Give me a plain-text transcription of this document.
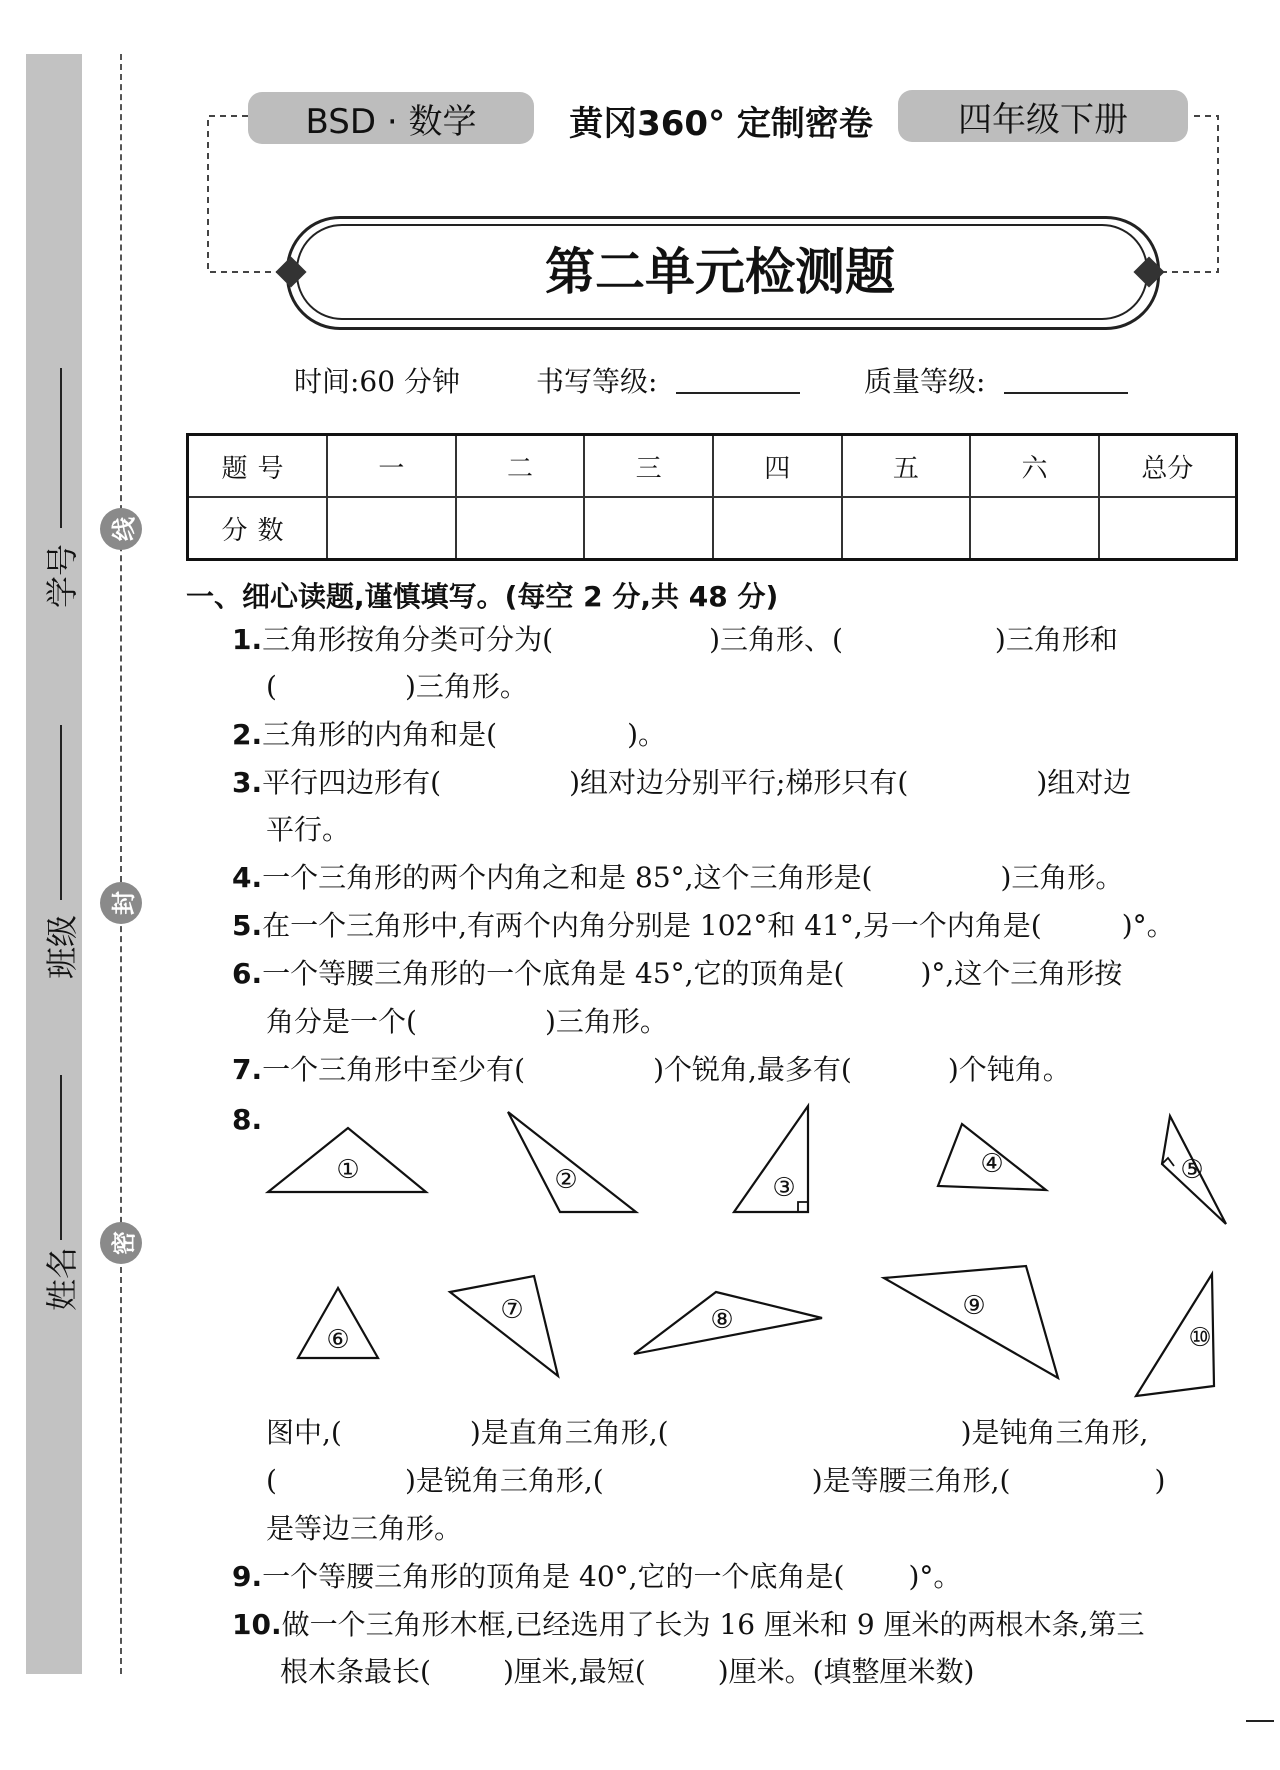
学号
班级
姓名
线
封
密
BSD · 数学	黄冈360° 定制密卷	四年级下册
第二单元检测题
时间:60 分钟	书写等级:	质量等级:
题号	一	二	三	四	五	六	总分
分数							
一、细心读题,谨慎填写。(每空 2 分,共 48 分)
1.三角形按角分类可分为(	)三角形、(	)三角形和
(	)三角形。
2.三角形的内角和是(	)。
3.平行四边形有(	)组对边分别平行;梯形只有(	)组对边
平行。
4.一个三角形的两个内角之和是 85°,这个三角形是(	)三角形。
5.在一个三角形中,有两个内角分别是 102°和 41°,另一个内角是(	)°。
6.一个等腰三角形的一个底角是 45°,它的顶角是(	)°,这个三角形按
角分是一个(	)三角形。
7.一个三角形中至少有(	)个锐角,最多有(	)个钝角。
8.
①	②	③
④	⑤
⑥
⑦	⑧	⑨
⑩
图中,(	)是直角三角形,(	)是钝角三角形,
(	)是锐角三角形,(	)是等腰三角形,(	)
是等边三角形。
9.一个等腰三角形的顶角是 40°,它的一个底角是( )°。
10.做一个三角形木框,已经选用了长为 16 厘米和 9 厘米的两根木条,第三
根木条最长(	)厘米,最短(	)厘米。(填整厘米数)
